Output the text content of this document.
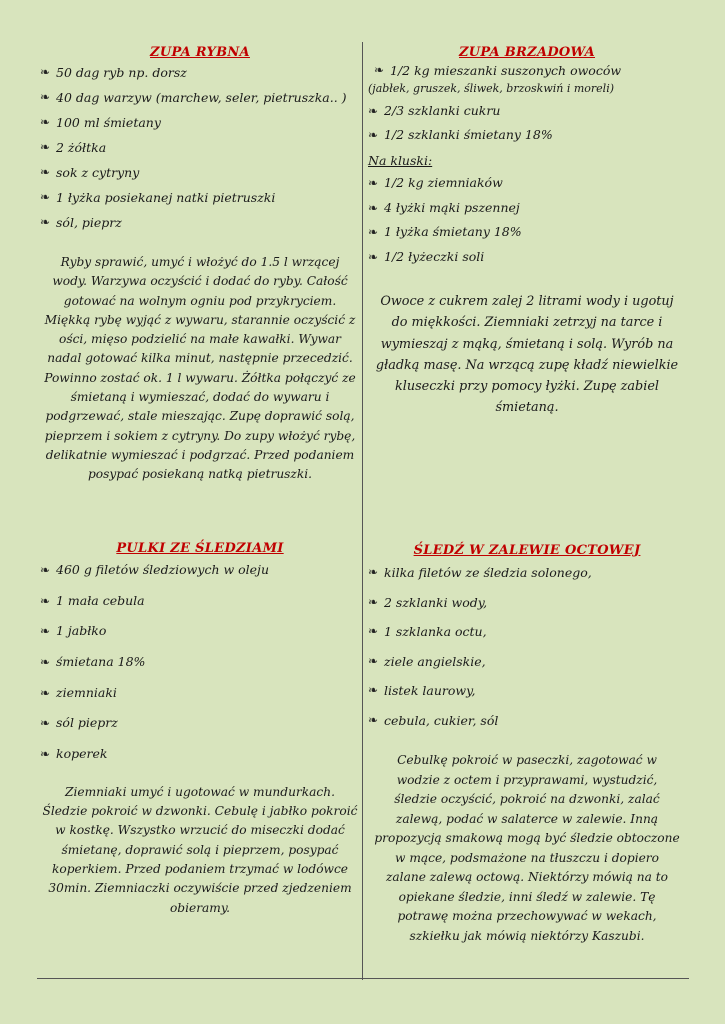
ZUPA RYBNA
❧ 50 dag ryb np. dorsz
❧ 40 dag warzyw (marchew, seler, pietruszka.. )
❧ 100 ml śmietany
❧ 2 żółtka
❧ sok z cytryny
❧ 1 łyżka posiekanej natki pietruszki
❧ sól, pieprz

Ryby sprawić, umyć i włożyć do 1.5 l wrzącej wody. Warzywa oczyścić i dodać do ryby. Całość gotować na wolnym ogniu pod przykryciem. Miękką rybę wyjąć z wywaru, starannie oczyścić z ości, mięso podzielić na małe kawałki. Wywar nadal gotować kilka minut, następnie przecedzić. Powinno zostać ok. 1 l wywaru. Żółtka połączyć ze śmietaną i wymieszać, dodać do wywaru i podgrzewać, stale mieszając. Zupę doprawić solą, pieprzem i sokiem z cytryny. Do zupy włożyć rybę, delikatnie wymieszać i podgrzać. Przed podaniem posypać posiekaną natką pietruszki.

ZUPA BRZADOWA
❧ 1/2 kg mieszanki suszonych owoców
(jabłek, gruszek, śliwek, brzoskwiń i moreli)
❧ 2/3 szklanki cukru
❧ 1/2 szklanki śmietany 18%
Na kluski:
❧ 1/2 kg ziemniaków
❧ 4 łyżki mąki pszennej
❧ 1 łyżka śmietany 18%
❧ 1/2 łyżeczki soli

Owoce z cukrem zalej 2 litrami wody i ugotuj do miękkości. Ziemniaki zetrzyj na tarce i wymieszaj z mąką, śmietaną i solą. Wyrób na gładką masę. Na wrzącą zupę kładź niewielkie kluseczki przy pomocy łyżki. Zupę zabiel śmietaną.

PULKI ZE ŚLEDZIAMI
❧ 460 g filetów śledziowych w oleju
❧ 1 mała cebula
❧ 1 jabłko
❧ śmietana 18%
❧ ziemniaki
❧ sól pieprz
❧ koperek

Ziemniaki umyć i ugotować w mundurkach. Śledzie pokroić w dzwonki. Cebulę i jabłko pokroić w kostkę. Wszystko wrzucić do miseczki dodać śmietanę, doprawić solą i pieprzem, posypać koperkiem. Przed podaniem trzymać w lodówce 30min. Ziemniaczki oczywiście przed zjedzeniem obieramy.

ŚLEDŹ W ZALEWIE OCTOWEJ
❧ kilka filetów ze śledzia solonego,
❧ 2 szklanki wody,
❧ 1 szklanka octu,
❧ ziele angielskie,
❧ listek laurowy,
❧ cebula, cukier, sól

Cebulkę pokroić w paseczki, zagotować w wodzie z octem i przyprawami, wystudzić, śledzie oczyścić, pokroić na dzwonki, zalać zalewą, podać w salaterce w zalewie. Inną propozycją smakową mogą być śledzie obtoczone w mące, podsmażone na tłuszczu i dopiero zalane zalewą octową. Niektórzy mówią na to opiekane śledzie, inni śledź w zalewie. Tę potrawę można przechowywać w wekach, szkiełku jak mówią niektórzy Kaszubi.
